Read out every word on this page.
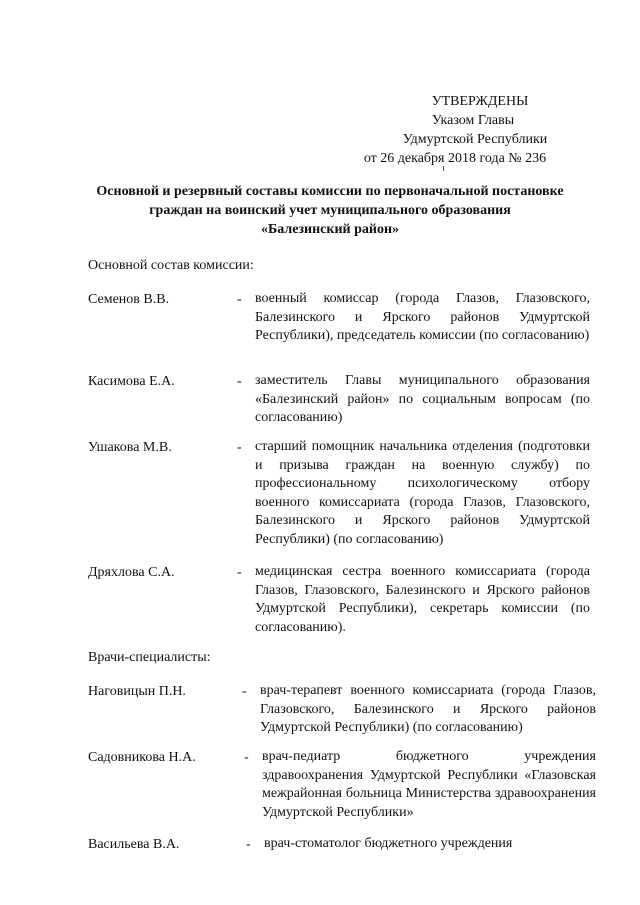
УТВЕРЖДЕНЫ
Указом Главы
Удмуртской Республики
от 26 декабря 2018 года № 236
Основной и резервный составы комиссии по первоначальной постановке
граждан на воинский учет муниципального образования
«Балезинский район»
Основной состав комиссии:
Семенов В.В.	- военный комиссар (города Глазов, Глазовского, Балезинского и Ярского районов Удмуртской Республики), председатель комиссии (по согласованию)
Касимова Е.А.	- заместитель Главы муниципального образования «Балезинский район» по социальным вопросам (по согласованию)
Ушакова М.В.	- старший помощник начальника отделения (подготовки и призыва граждан на военную службу) по профессиональному психологическому отбору военного комиссариата (города Глазов, Глазовского, Балезинского и Ярского районов Удмуртской Республики) (по согласованию)
Дряхлова С.А.	- медицинская сестра военного комиссариата (города Глазов, Глазовского, Балезинского и Ярского районов Удмуртской Республики), секретарь комиссии (по согласованию).
Врачи-специалисты:
Наговицын П.Н.	- врач-терапевт военного комиссариата (города Глазов, Глазовского, Балезинского и Ярского районов Удмуртской Республики) (по согласованию)
Садовникова Н.А.	- врач-педиатр бюджетного учреждения здравоохранения Удмуртской Республики «Глазовская межрайонная больница Министерства здравоохранения Удмуртской Республики»
Васильева В.А.	- врач-стоматолог бюджетного учреждения
